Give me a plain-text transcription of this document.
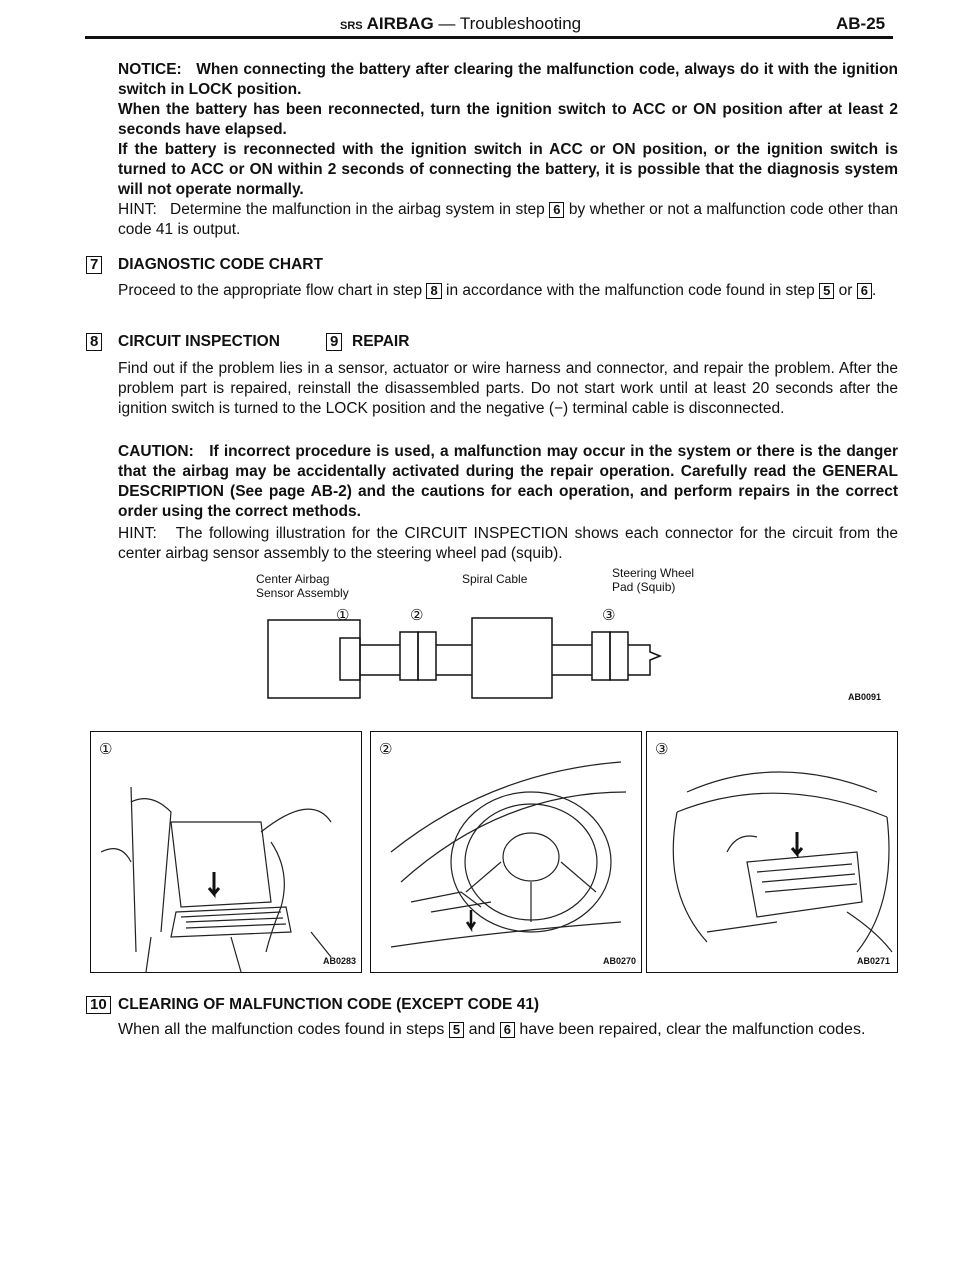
SRS AIRBAG — Troubleshooting	AB-25
NOTICE: When connecting the battery after clearing the malfunction code, always do it with the ignition switch in LOCK position.
When the battery has been reconnected, turn the ignition switch to ACC or ON position after at least 2 seconds have elapsed.
If the battery is reconnected with the ignition switch in ACC or ON position, or the ignition switch is turned to ACC or ON within 2 seconds of connecting the battery, it is possible that the diagnosis system will not operate normally.
HINT: Determine the malfunction in the airbag system in step 6 by whether or not a malfunction code other than code 41 is output.
7 DIAGNOSTIC CODE CHART
Proceed to the appropriate flow chart in step 8 in accordance with the malfunction code found in step 5 or 6 .
8 CIRCUIT INSPECTION	9 REPAIR
Find out if the problem lies in a sensor, actuator or wire harness and connector, and repair the problem. After the problem part is repaired, reinstall the disassembled parts. Do not start work until at least 20 seconds after the ignition switch is turned to the LOCK position and the negative (−) terminal cable is disconnected.
CAUTION: If incorrect procedure is used, a malfunction may occur in the system or there is the danger that the airbag may be accidentally activated during the repair operation. Carefully read the GENERAL DESCRIPTION (See page AB-2) and the cautions for each operation, and perform repairs in the correct order using the correct methods.
HINT: The following illustration for the CIRCUIT INSPECTION shows each connector for the circuit from the center airbag sensor assembly to the steering wheel pad (squib).
Center Airbag
Sensor Assembly
Spiral Cable	Steering Wheel
Pad (Squib)
①	②	③
AB0091
①
AB0283
②
AB0270
③
AB0271
10 CLEARING OF MALFUNCTION CODE (EXCEPT CODE 41)
When all the malfunction codes found in steps 5 and 6 have been repaired, clear the malfunction codes.
